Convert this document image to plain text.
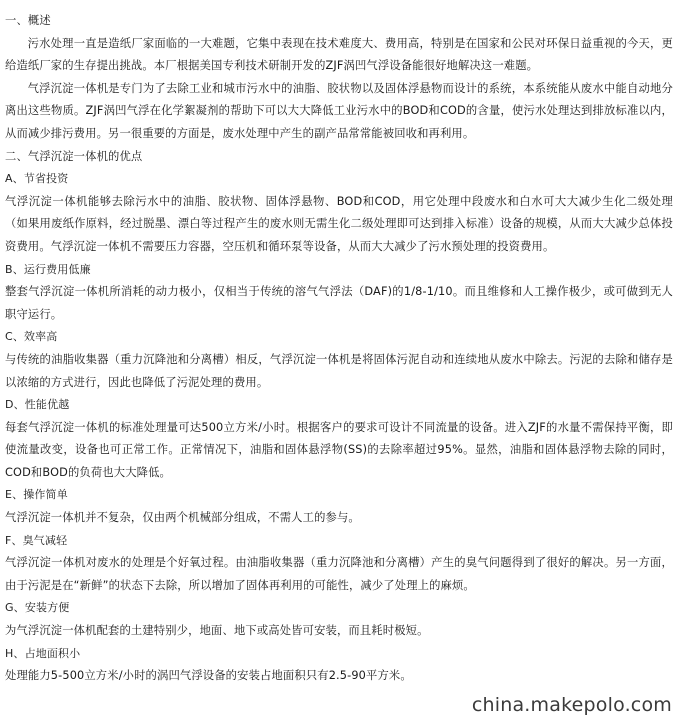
一、概述

污水处理一直是造纸厂家面临的一大难题，它集中表现在技术难度大、费用高，特别是在国家和公民对环保日益重视的今天，更给造纸厂家的生存提出挑战。本厂根据美国专利技术研制开发的ZJF涡凹气浮设备能很好地解决这一难题。

气浮沉淀一体机是专门为了去除工业和城市污水中的油脂、胶状物以及固体浮悬物而设计的系统，本系统能从废水中能自动地分离出这些物质。ZJF涡凹气浮在化学絮凝剂的帮助下可以大大降低工业污水中的BOD和COD的含量，使污水处理达到排放标准以内，从而减少排污费用。另一很重要的方面是，废水处理中产生的副产品常常能被回收和再利用。

二、气浮沉淀一体机的优点

A、节省投资

气浮沉淀一体机能够去除污水中的油脂、胶状物、固体浮悬物、BOD和COD，用它处理中段废水和白水可大大减少生化二级处理（如果用废纸作原料，经过脱墨、漂白等过程产生的废水则无需生化二级处理即可达到排入标准）设备的规模，从而大大减少总体投资费用。气浮沉淀一体机不需要压力容器，空压机和循环泵等设备，从而大大减少了污水预处理的投资费用。

B、运行费用低廉

整套气浮沉淀一体机所消耗的动力极小，仅相当于传统的溶气气浮法（DAF)的1/8-1/10。而且维修和人工操作极少，或可做到无人职守运行。

C、效率高

与传统的油脂收集器（重力沉降池和分离槽）相反，气浮沉淀一体机是将固体污泥自动和连续地从废水中除去。污泥的去除和储存是以浓缩的方式进行，因此也降低了污泥处理的费用。

D、性能优越

每套气浮沉淀一体机的标准处理量可达500立方米/小时。根据客户的要求可设计不同流量的设备。进入ZJF的水量不需保持平衡，即使流量改变，设备也可正常工作。正常情况下，油脂和固体悬浮物(SS)的去除率超过95%。显然，油脂和固体悬浮物去除的同时，COD和BOD的负荷也大大降低。

E、操作简单

气浮沉淀一体机并不复杂，仅由两个机械部分组成，不需人工的参与。

F、臭气减轻

气浮沉淀一体机对废水的处理是个好氧过程。由油脂收集器（重力沉降池和分离槽）产生的臭气问题得到了很好的解决。另一方面，由于污泥是在“新鲜”的状态下去除，所以增加了固体再利用的可能性，减少了处理上的麻烦。

G、安装方便

为气浮沉淀一体机配套的土建特别少，地面、地下或高处皆可安装，而且耗时极短。

H、占地面积小

处理能力5-500立方米/小时的涡凹气浮设备的安装占地面积只有2.5-90平方米。

china.makepolo.com
